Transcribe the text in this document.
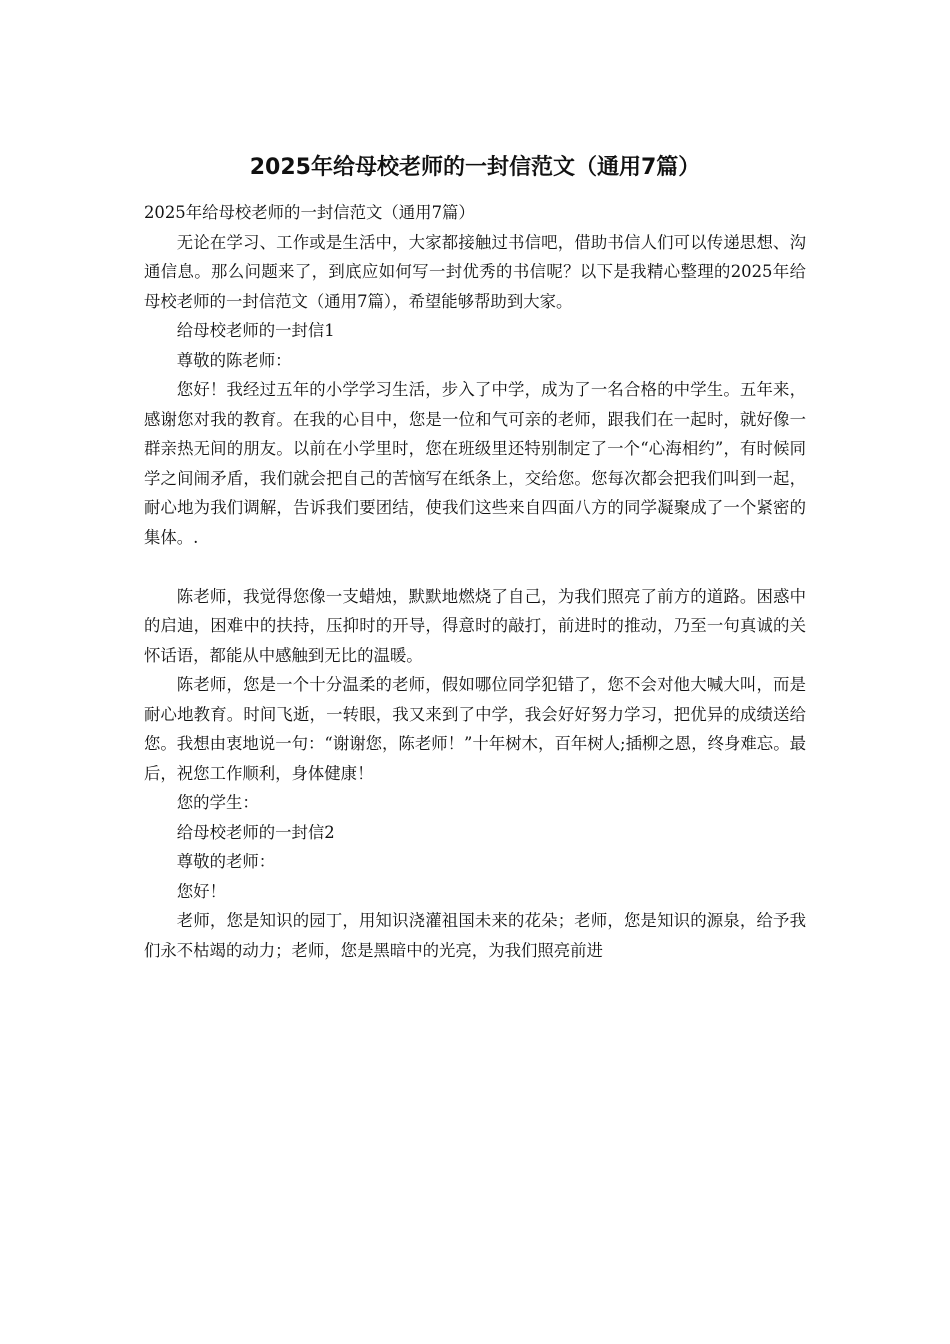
2025年给母校老师的一封信范文（通用7篇）

2025年给母校老师的一封信范文（通用7篇）

无论在学习、工作或是生活中，大家都接触过书信吧，借助书信人们可以传递思想、沟通信息。那么问题来了，到底应如何写一封优秀的书信呢？以下是我精心整理的2025年给母校老师的一封信范文（通用7篇），希望能够帮助到大家。

给母校老师的一封信1

尊敬的陈老师：

您好！我经过五年的小学学习生活，步入了中学，成为了一名合格的中学生。五年来，感谢您对我的教育。在我的心目中，您是一位和气可亲的老师，跟我们在一起时，就好像一群亲热无间的朋友。以前在小学里时，您在班级里还特别制定了一个“心海相约”，有时候同学之间闹矛盾，我们就会把自己的苦恼写在纸条上，交给您。您每次都会把我们叫到一起，耐心地为我们调解，告诉我们要团结，使我们这些来自四面八方的同学凝聚成了一个紧密的集体。.

陈老师，我觉得您像一支蜡烛，默默地燃烧了自己，为我们照亮了前方的道路。困惑中的启迪，困难中的扶持，压抑时的开导，得意时的敲打，前进时的推动，乃至一句真诚的关怀话语，都能从中感触到无比的温暖。

陈老师，您是一个十分温柔的老师，假如哪位同学犯错了，您不会对他大喊大叫，而是耐心地教育。时间飞逝，一转眼，我又来到了中学，我会好好努力学习，把优异的成绩送给您。我想由衷地说一句：“谢谢您，陈老师！”十年树木，百年树人;插柳之恩，终身难忘。最后，祝您工作顺利，身体健康！

您的学生：

给母校老师的一封信2

尊敬的老师：

您好！

老师，您是知识的园丁，用知识浇灌祖国未来的花朵；老师，您是知识的源泉，给予我们永不枯竭的动力；老师，您是黑暗中的光亮，为我们照亮前进
